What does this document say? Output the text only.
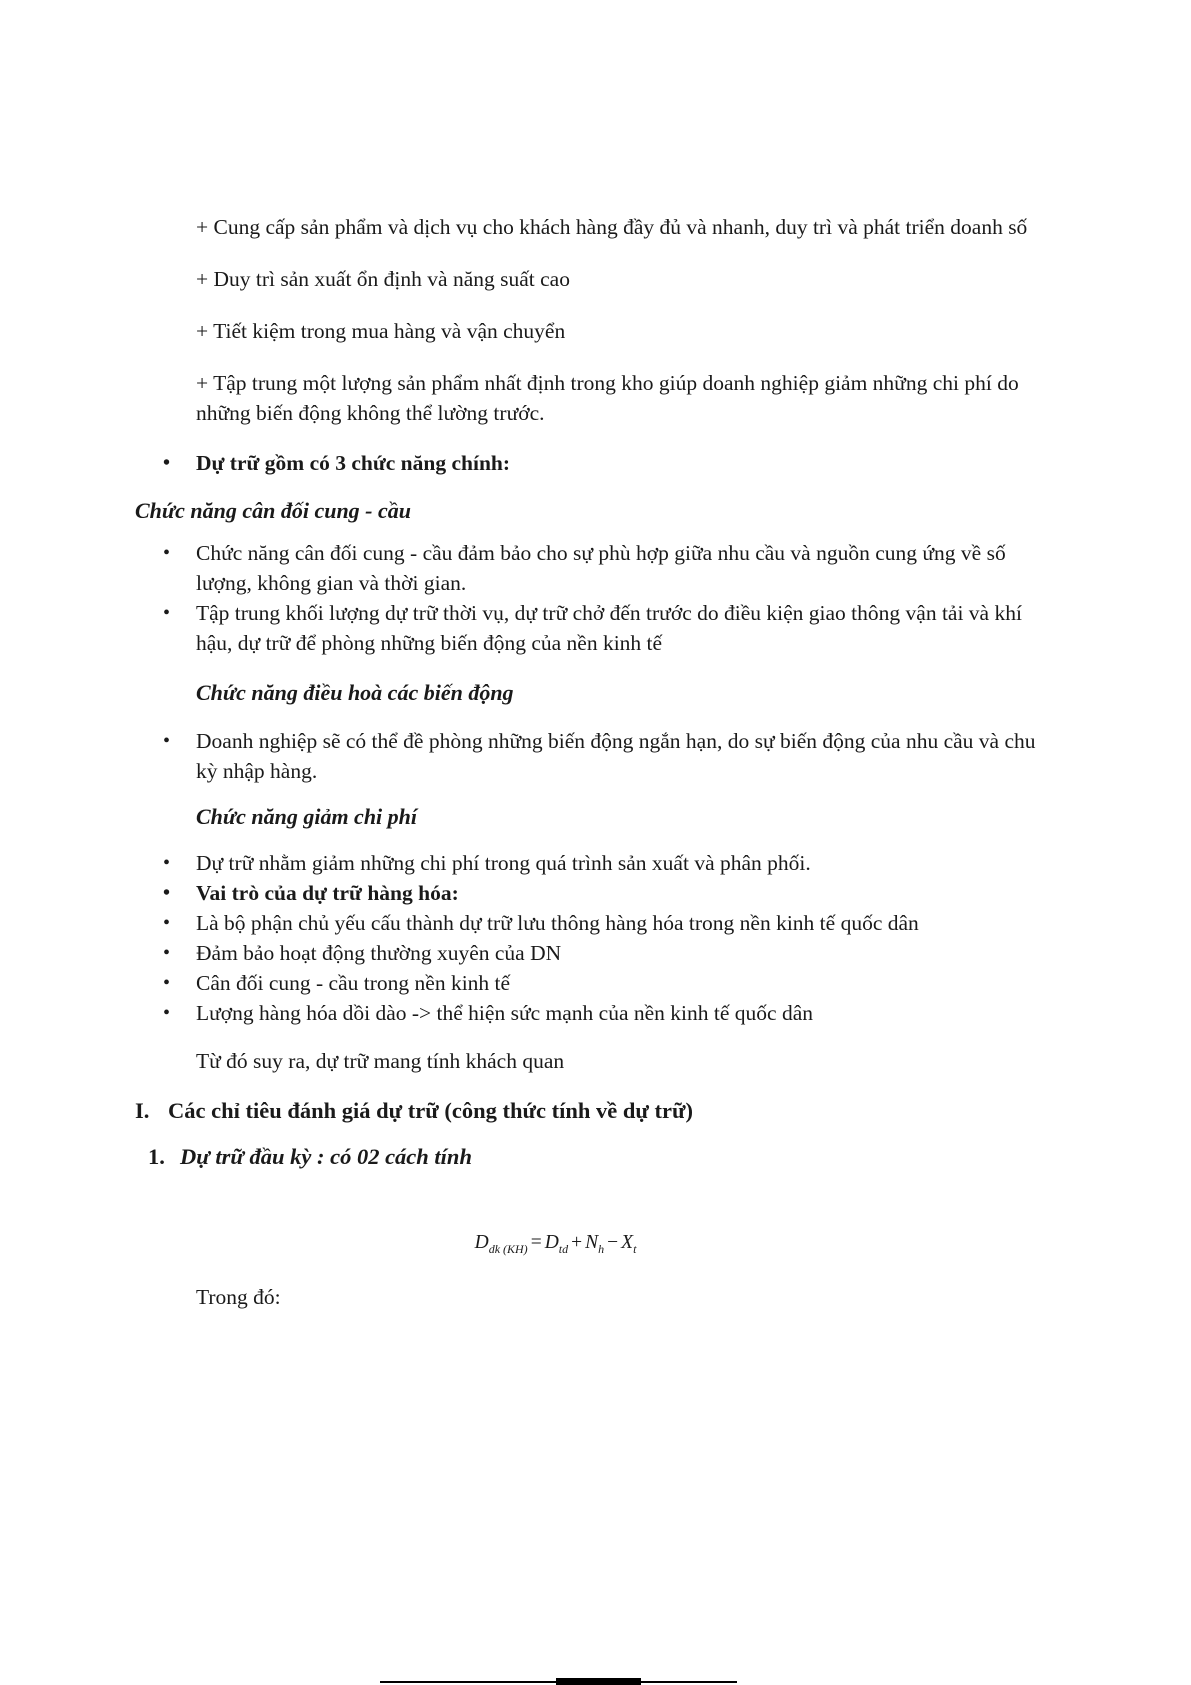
+ Cung cấp sản phẩm và dịch vụ cho khách hàng đầy đủ và nhanh, duy trì và phát triển doanh số

+ Duy trì sản xuất ổn định và năng suất cao

+ Tiết kiệm trong mua hàng và vận chuyển

+ Tập trung một lượng sản phẩm nhất định trong kho giúp doanh nghiệp giảm những chi phí do những biến động không thể lường trước.

•	Dự trữ gồm có 3 chức năng chính:
Chức năng cân đối cung - cầu
•	Chức năng cân đối cung - cầu đảm bảo cho sự phù hợp giữa nhu cầu và nguồn cung ứng về số lượng, không gian và thời gian.
•	Tập trung khối lượng dự trữ thời vụ, dự trữ chở đến trước do điều kiện giao thông vận tải và khí hậu, dự trữ để phòng những biến động của nền kinh tế
Chức năng điều hoà các biến động
•	Doanh nghiệp sẽ có thể đề phòng những biến động ngắn hạn, do sự biến động của nhu cầu và chu kỳ nhập hàng.
Chức năng giảm chi phí
•	Dự trữ nhằm giảm những chi phí trong quá trình sản xuất và phân phối.
•	Vai trò của dự trữ hàng hóa:
•	Là bộ phận chủ yếu cấu thành dự trữ lưu thông hàng hóa trong nền kinh tế quốc dân
•	Đảm bảo hoạt động thường xuyên của DN
•	Cân đối cung - cầu trong nền kinh tế
•	Lượng hàng hóa dồi dào -> thể hiện sức mạnh của nền kinh tế quốc dân

Từ đó suy ra, dự trữ mang tính khách quan

I. Các chỉ tiêu đánh giá dự trữ (công thức tính về dự trữ)
1. Dự trữ đầu kỳ : có 02 cách tính
$D_{dk (KH)} = D_{td} + N_h - X_t$

Trong đó:
